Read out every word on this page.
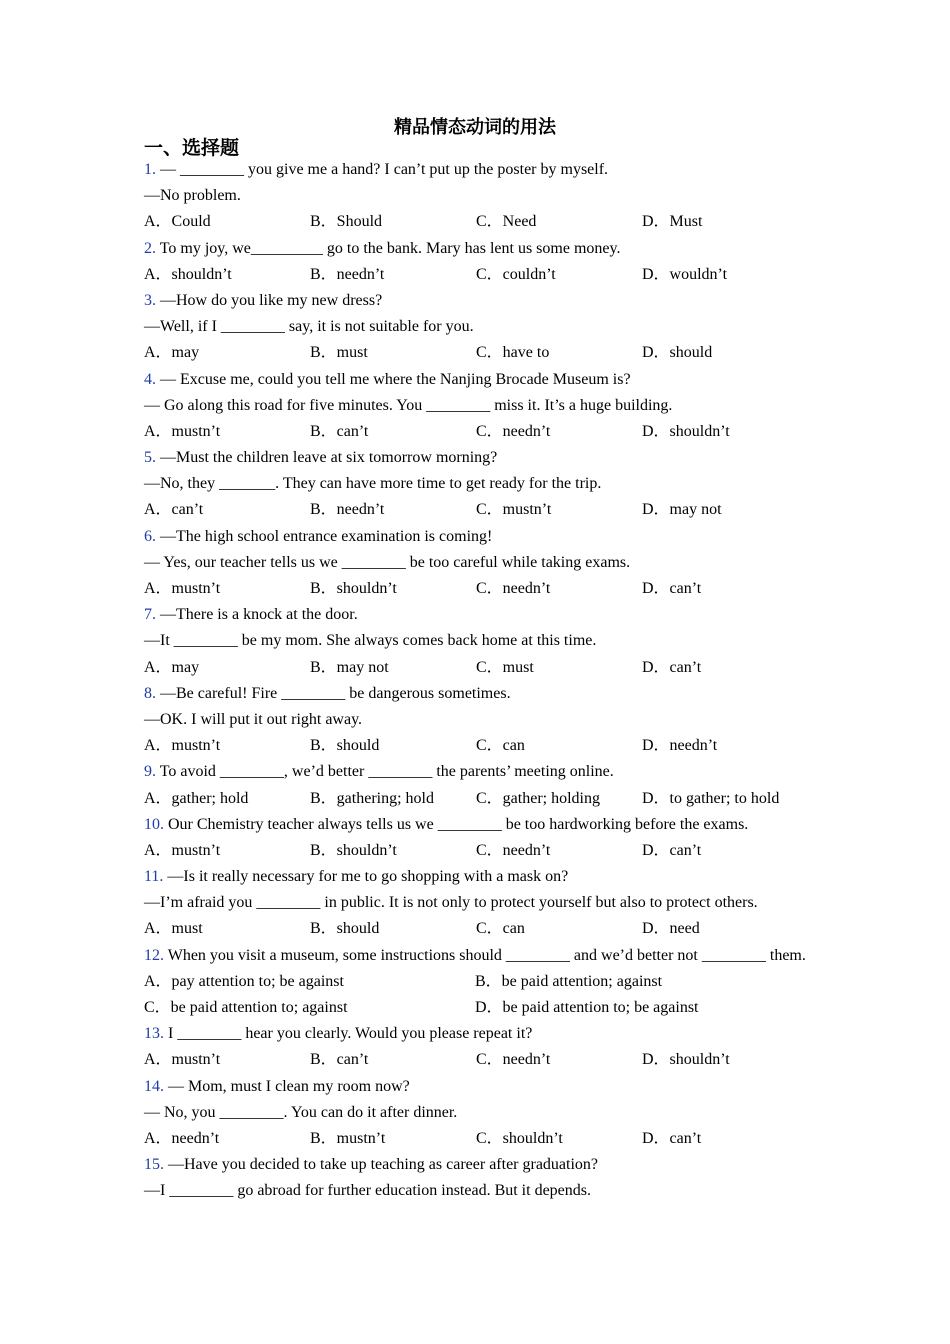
精品情态动词的用法
一、选择题
1. — ________ you give me a hand? I can’t put up the poster by myself.
—No problem.
A．Could	B．Should	C．Need	D．Must
2. To my joy, we_________ go to the bank. Mary has lent us some money.
A．shouldn’t	B．needn’t	C．couldn’t	D．wouldn’t
3. —How do you like my new dress?
—Well, if I ________ say, it is not suitable for you.
A．may	B．must	C．have to	D．should
4. — Excuse me, could you tell me where the Nanjing Brocade Museum is?
— Go along this road for five minutes. You ________ miss it. It’s a huge building.
A．mustn’t	B．can’t	C．needn’t	D．shouldn’t
5. —Must the children leave at six tomorrow morning?
—No, they _______. They can have more time to get ready for the trip.
A．can’t	B．needn’t	C．mustn’t	D．may not
6. —The high school entrance examination is coming!
— Yes, our teacher tells us we ________ be too careful while taking exams.
A．mustn’t	B．shouldn’t	C．needn’t	D．can’t
7. —There is a knock at the door.
—It ________ be my mom. She always comes back home at this time.
A．may	B．may not	C．must	D．can’t
8. —Be careful! Fire ________ be dangerous sometimes.
—OK. I will put it out right away.
A．mustn’t	B．should	C．can	D．needn’t
9. To avoid ________, we’d better ________ the parents’ meeting online.
A．gather; hold	B．gathering; hold	C．gather; holding	D．to gather; to hold
10. Our Chemistry teacher always tells us we ________ be too hardworking before the exams.
A．mustn’t	B．shouldn’t	C．needn’t	D．can’t
11. —Is it really necessary for me to go shopping with a mask on?
—I’m afraid you ________ in public. It is not only to protect yourself but also to protect others.
A．must	B．should	C．can	D．need
12. When you visit a museum, some instructions should ________ and we’d better not ________ them.
A．pay attention to; be against	B．be paid attention; against
C．be paid attention to; against	D．be paid attention to; be against
13. I ________ hear you clearly. Would you please repeat it?
A．mustn’t	B．can’t	C．needn’t	D．shouldn’t
14. — Mom, must I clean my room now?
— No, you ________. You can do it after dinner.
A．needn’t	B．mustn’t	C．shouldn’t	D．can’t
15. —Have you decided to take up teaching as career after graduation?
—I ________ go abroad for further education instead. But it depends.
